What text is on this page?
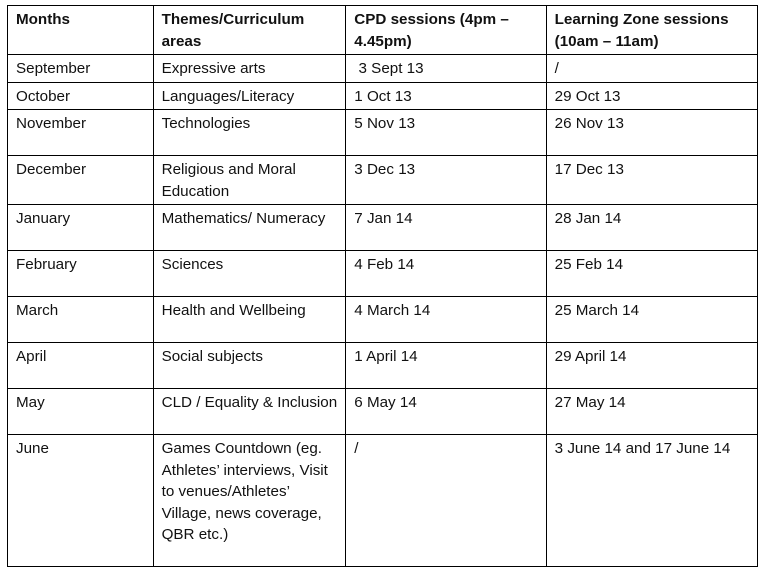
Months	Themes/Curriculum areas	CPD sessions (4pm – 4.45pm)	Learning Zone sessions (10am – 11am)
September	Expressive arts	3 Sept 13	/
October	Languages/Literacy	1 Oct 13	29 Oct 13
November	Technologies	5 Nov 13	26 Nov 13
December	Religious and Moral Education	3 Dec 13	17 Dec 13
January	Mathematics/ Numeracy	7 Jan 14	28 Jan 14
February	Sciences	4 Feb 14	25 Feb 14
March	Health and Wellbeing	4 March 14	25 March 14
April	Social subjects	1 April 14	29 April 14
May	CLD / Equality & Inclusion	6 May 14	27 May 14
June	Games Countdown (eg. Athletes’ interviews, Visit to venues/Athletes’ Village, news coverage, QBR etc.)	/	3 June 14 and 17 June 14
